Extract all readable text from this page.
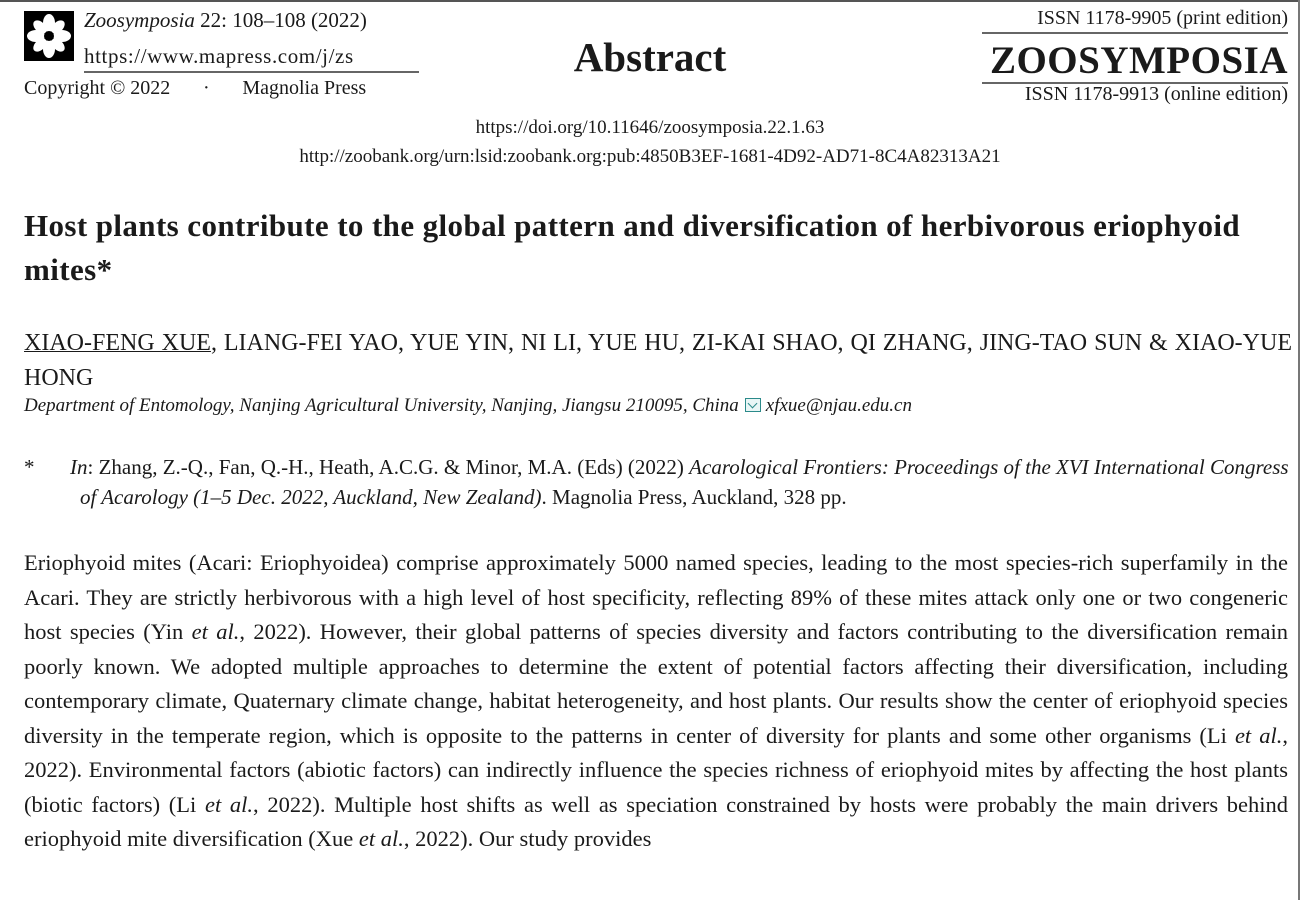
Zoosymposia 22: 108–108 (2022)
https://www.mapress.com/j/zs
Copyright © 2022 · Magnolia Press
Abstract
ISSN 1178-9905 (print edition)
ZOOSYMPOSIA
ISSN 1178-9913 (online edition)
https://doi.org/10.11646/zoosymposia.22.1.63
http://zoobank.org/urn:lsid:zoobank.org:pub:4850B3EF-1681-4D92-AD71-8C4A82313A21
Host plants contribute to the global pattern and diversification of herbivorous eriophyoid mites*
XIAO-FENG XUE, LIANG-FEI YAO, YUE YIN, NI LI, YUE HU, ZI-KAI SHAO, QI ZHANG, JING-TAO SUN & XIAO-YUE HONG
Department of Entomology, Nanjing Agricultural University, Nanjing, Jiangsu 210095, China xfxue@njau.edu.cn
* In: Zhang, Z.-Q., Fan, Q.-H., Heath, A.C.G. & Minor, M.A. (Eds) (2022) Acarological Frontiers: Proceedings of the XVI International Congress of Acarology (1–5 Dec. 2022, Auckland, New Zealand). Magnolia Press, Auckland, 328 pp.
Eriophyoid mites (Acari: Eriophyoidea) comprise approximately 5000 named species, leading to the most species-rich superfamily in the Acari. They are strictly herbivorous with a high level of host specificity, reflecting 89% of these mites attack only one or two congeneric host species (Yin et al., 2022). However, their global patterns of species diversity and factors contributing to the diversification remain poorly known. We adopted multiple approaches to determine the extent of potential factors affecting their diversification, including contemporary climate, Quaternary climate change, habitat heterogeneity, and host plants. Our results show the center of eriophyoid species diversity in the temperate region, which is opposite to the patterns in center of diversity for plants and some other organisms (Li et al., 2022). Environmental factors (abiotic factors) can indirectly influence the species richness of eriophyoid mites by affecting the host plants (biotic factors) (Li et al., 2022). Multiple host shifts as well as speciation constrained by hosts were probably the main drivers behind eriophyoid mite diversification (Xue et al., 2022). Our study provides
